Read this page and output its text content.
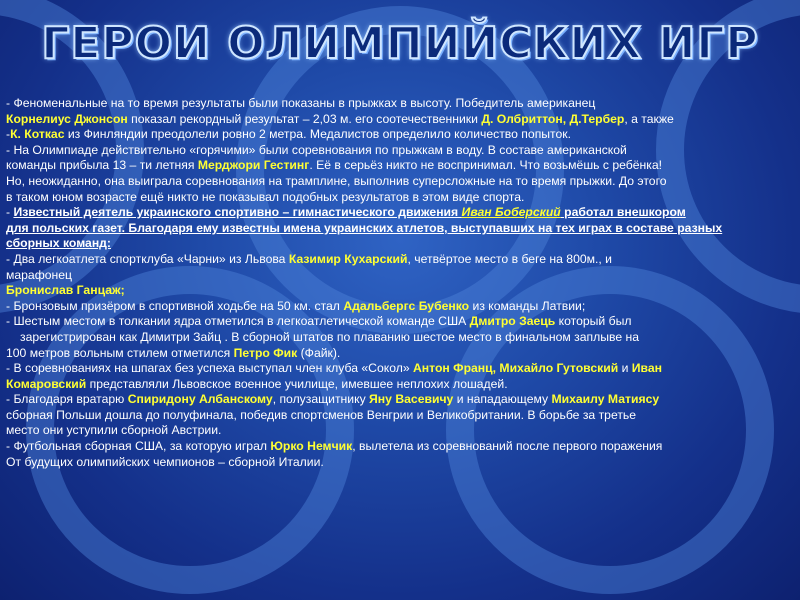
ГЕРОИ ОЛИМПИЙСКИХ ИГР

- Феноменальные на то время результаты были показаны в прыжках в высоту. Победитель американец
Корнелиус Джонсон показал рекордный результат – 2,03 м. его соотечественники Д. Олбриттон, Д.Тербер, а также

-К. Коткас из Финляндии преодолели ровно 2 метра. Медалистов определило количество попыток.

- На Олимпиаде действительно «горячими» были соревнования по прыжкам в воду. В составе американской
команды прибыла 13 – ти летняя Мерджори Гестинг. Её в серьёз никто не воспринимал. Что возьмёшь с ребёнка!
Но, неожиданно, она выиграла соревнования на трамплине, выполнив суперсложные на то время прыжки. До этого
в таком юном возрасте ещё никто не показывал подобных результатов в этом виде спорта.

- Известный деятель украинского спортивно – гимнастического движения Иван Боберский работал внешкором
для польских газет. Благодаря ему известны имена украинских атлетов, выступавших на тех играх в составе разных
сборных команд:

- Два легкоатлета спортклуба «Чарни» из Львова Казимир Кухарский, четвёртое место в беге на 800м., и
марафонец
Бронислав Ганцаж;

- Бронзовым призёром в спортивной ходьбе на 50 км. стал Адальбергс Бубенко из команды Латвии;

- Шестым местом в толкании ядра отметился в легкоатлетической команде США Дмитро Заець который был
зарегистрирован как Димитри Зайц . В сборной штатов по плаванию шестое место в финальном заплыве на
100 метров вольным стилем отметился Петро Фик (Файк).

- В соревнованиях на шпагах без успеха выступал член клуба «Сокол» Антон Франц, Михайло Гутовский и Иван
Комаровский представляли Львовское военное училище, имевшее неплохих лошадей.

- Благодаря вратарю Спиридону Албанскому, полузащитнику Яну Васевичу и нападающему Михаилу Матиясу
сборная Польши дошла до полуфинала, победив спортсменов Венгрии и Великобритании. В борьбе за третье
место они уступили сборной Австрии.

- Футбольная сборная США, за которую играл Юрко Немчик, вылетела из соревнований после первого поражения
От будущих олимпийских чемпионов – сборной Италии.
